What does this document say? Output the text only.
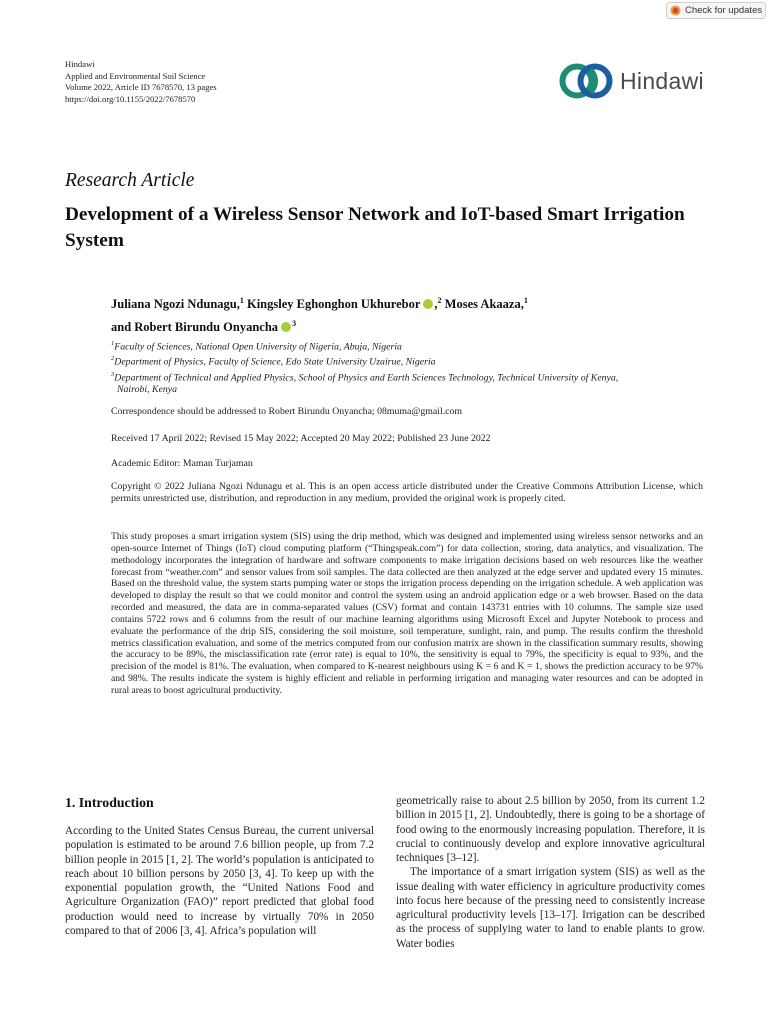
Check for updates
Hindawi
Applied and Environmental Soil Science
Volume 2022, Article ID 7678570, 13 pages
https://doi.org/10.1155/2022/7678570
Hindawi
Research Article
Development of a Wireless Sensor Network and IoT-based Smart Irrigation System
Juliana Ngozi Ndunagu,$^1$ Kingsley Eghonghon Ukhurebor ,$^2$ Moses Akaaza,$^1$
and Robert Birundu Onyancha $^3$
$^1$Faculty of Sciences, National Open University of Nigeria, Abuja, Nigeria
$^2$Department of Physics, Faculty of Science, Edo State University Uzairue, Nigeria
$^3$Department of Technical and Applied Physics, School of Physics and Earth Sciences Technology, Technical University of Kenya,
Nairobi, Kenya
Correspondence should be addressed to Robert Birundu Onyancha; 08muma@gmail.com
Received 17 April 2022; Revised 15 May 2022; Accepted 20 May 2022; Published 23 June 2022
Academic Editor: Maman Turjaman
Copyright © 2022 Juliana Ngozi Ndunagu et al. This is an open access article distributed under the Creative Commons Attribution License, which permits unrestricted use, distribution, and reproduction in any medium, provided the original work is properly cited.
This study proposes a smart irrigation system (SIS) using the drip method, which was designed and implemented using wireless sensor networks and an open-source Internet of Things (IoT) cloud computing platform (“Thingspeak.com”) for data collection, storing, data analytics, and visualization. The methodology incorporates the integration of hardware and software components to make irrigation decisions based on web resources like the weather forecast from “weather.com” and sensor values from soil samples. The data collected are then analyzed at the edge server and updated every 15 minutes. Based on the threshold value, the system starts pumping water or stops the irrigation process depending on the irrigation schedule. A web application was developed to display the result so that we could monitor and control the system using an android application edge or a web browser. Based on the data recorded and measured, the data are in comma-separated values (CSV) format and contain 143731 entries with 10 columns. The sample size used contains 5722 rows and 6 columns from the result of our machine learning algorithms using Microsoft Excel and Jupyter Notebook to process and evaluate the performance of the drip SIS, considering the soil moisture, soil temperature, sunlight, rain, and pump. The results confirm the threshold metrics classification evaluation, and some of the metrics computed from our confusion matrix are shown in the classification summary results, showing the accuracy to be 89%, the misclassification rate (error rate) is equal to 10%, the sensitivity is equal to 79%, the specificity is equal to 93%, and the precision of the model is 81%. The evaluation, when compared to K-nearest neighbours using K = 6 and K = 1, shows the prediction accuracy to be 97% and 98%. The results indicate the system is highly efficient and reliable in performing irrigation and managing water resources and can be adopted in rural areas to boost agricultural productivity.
1. Introduction

According to the United States Census Bureau, the current universal population is estimated to be around 7.6 billion people, up from 7.2 billion people in 2015 [1, 2]. The world’s population is anticipated to reach about 10 billion persons by 2050 [3, 4]. To keep up with the exponential population growth, the “United Nations Food and Agriculture Organization (FAO)” report predicted that global food production would need to increase by virtually 70% in 2050 compared to that of 2006 [3, 4]. Africa’s population will

geometrically raise to about 2.5 billion by 2050, from its current 1.2 billion in 2015 [1, 2]. Undoubtedly, there is going to be a shortage of food owing to the enormously increasing population. Therefore, it is crucial to continuously develop and explore innovative agricultural techniques [3–12].

The importance of a smart irrigation system (SIS) as well as the issue dealing with water efficiency in agriculture productivity comes into focus here because of the pressing need to consistently increase agricultural productivity levels [13–17]. Irrigation can be described as the process of supplying water to land to enable plants to grow. Water bodies
